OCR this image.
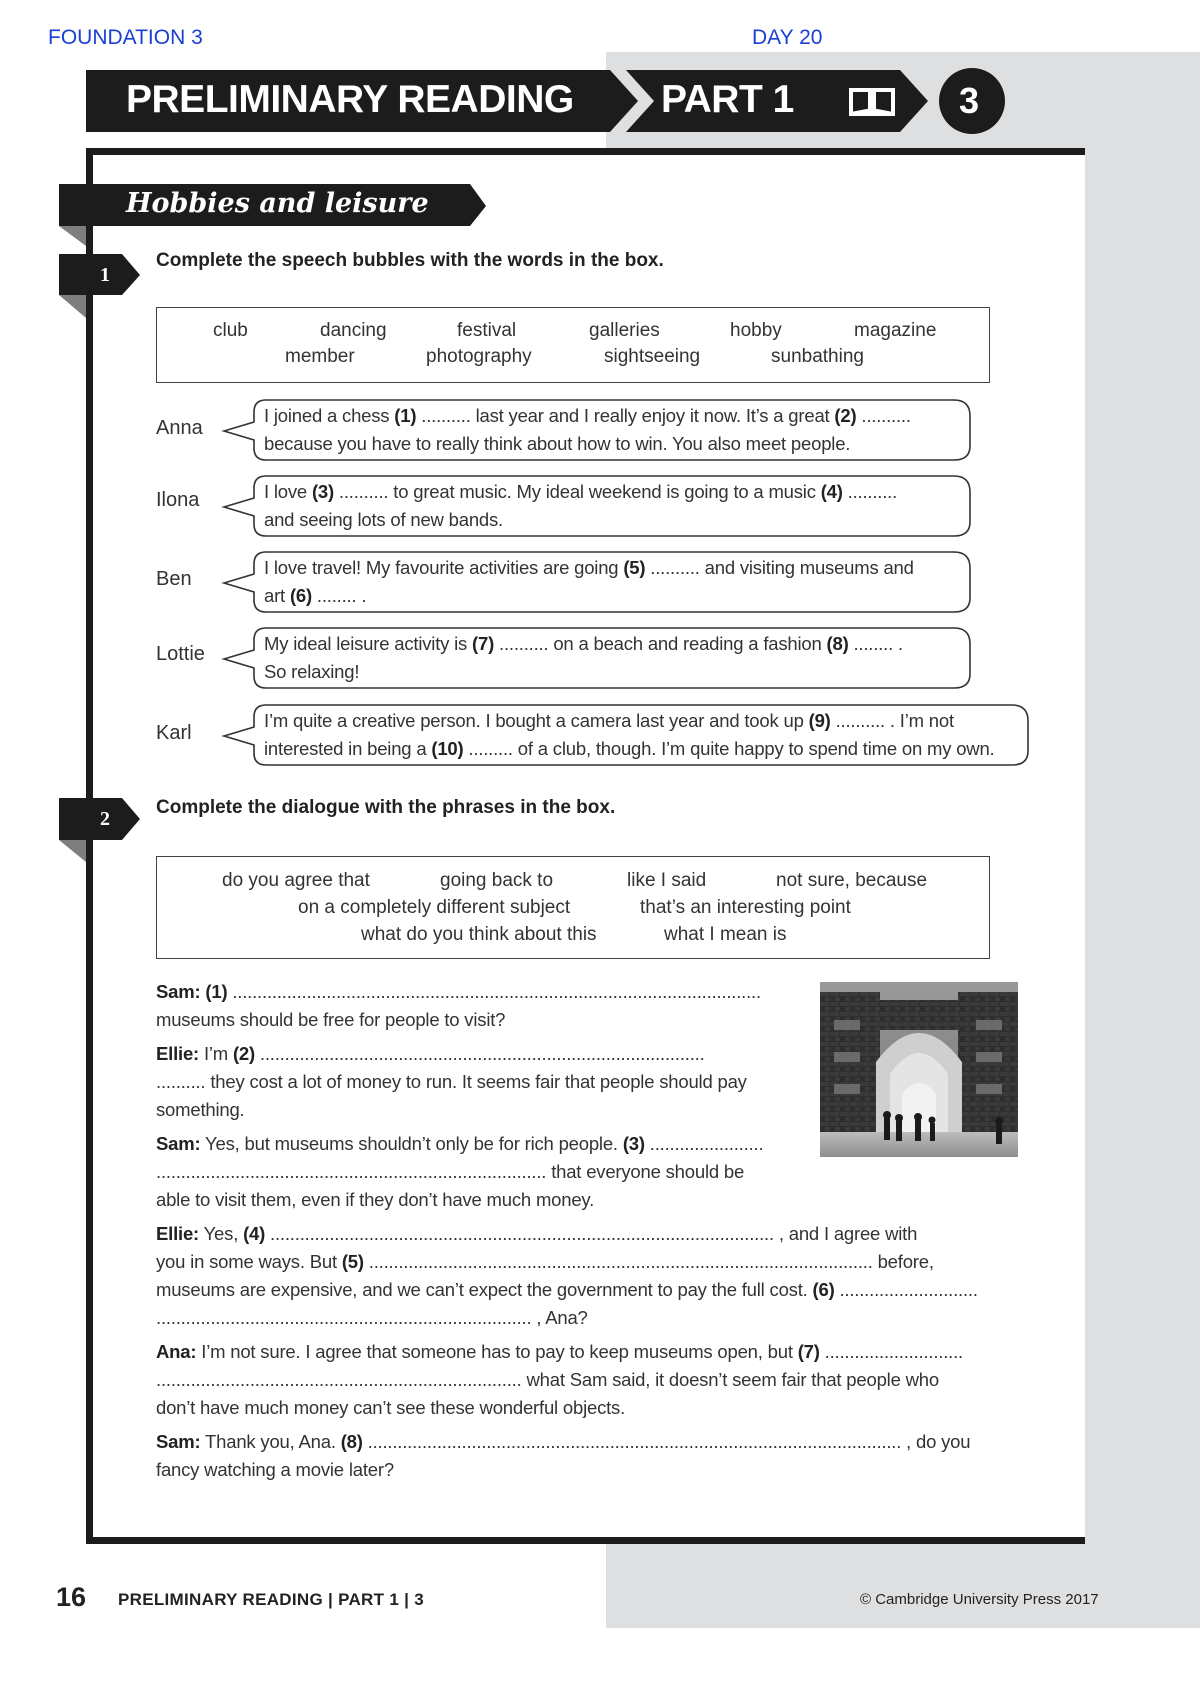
FOUNDATION 3	DAY 20
PRELIMINARY READING PART 1	3
Hobbies and leisure
1
2
Complete the speech bubbles with the words in the box.
club	dancing	festival	galleries	hobby	magazine
member	photography	sightseeing	sunbathing
Anna
I joined a chess (1) .......... last year and I really enjoy it now. It’s a great (2) ..........
because you have to really think about how to win. You also meet people.
Ilona	I love (3) .......... to great music. My ideal weekend is going to a music (4) ..........
and seeing lots of new bands.
Ben
I love travel! My favourite activities are going (5) .......... and visiting museums and
art (6) ........ .
Lottie	My ideal leisure activity is (7) .......... on a beach and reading a fashion (8) ........ .
So relaxing!
Karl
I’m quite a creative person. I bought a camera last year and took up (9) .......... . I’m not
interested in being a (10) ......... of a club, though. I’m quite happy to spend time on my own.
Complete the dialogue with the phrases in the box.
do you agree that	going back to	like I said	not sure, because
on a completely different subject	that’s an interesting point
what do you think about this	what I mean is
Sam: (1) ...........................................................................................................
museums should be free for people to visit?
Ellie: I’m (2) ..........................................................................................
.......... they cost a lot of money to run. It seems fair that people should pay
something.
Sam: Yes, but museums shouldn’t only be for rich people. (3) .......................
............................................................................... that everyone should be
able to visit them, even if they don’t have much money.
Ellie: Yes, (4) ...................................................................................................... , and I agree with
you in some ways. But (5) ...................................................................................................... before,
museums are expensive, and we can’t expect the government to pay the full cost. (6) ............................
............................................................................ , Ana?
Ana: I’m not sure. I agree that someone has to pay to keep museums open, but (7) ............................
.......................................................................... what Sam said, it doesn’t seem fair that people who
don’t have much money can’t see these wonderful objects.
Sam: Thank you, Ana. (8) ............................................................................................................ , do you
fancy watching a movie later?
16 PRELIMINARY READING | PART 1 | 3	© Cambridge University Press 2017
